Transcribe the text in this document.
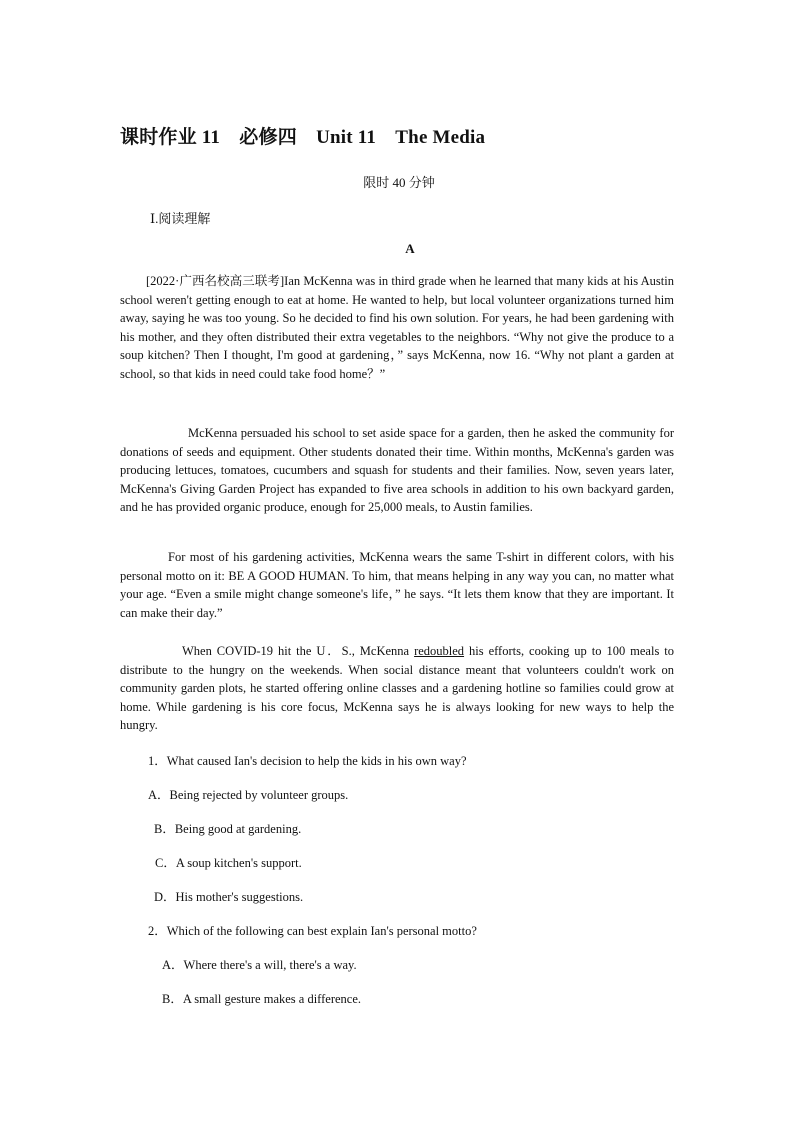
课时作业 11　必修四　Unit 11　The Media
限时 40 分钟
Ⅰ.阅读理解
A

[2022·广西名校高三联考]Ian McKenna was in third grade when he learned that many kids at his Austin school weren't getting enough to eat at home. He wanted to help, but local volunteer organizations turned him away, saying he was too young. So he decided to find his own solution. For years, he had been gardening with his mother, and they often distributed their extra vegetables to the neighbors. “Why not give the produce to a soup kitchen? Then I thought, I'm good at gardening，” says McKenna, now 16. “Why not plant a garden at school, so that kids in need could take food home？”

McKenna persuaded his school to set aside space for a garden, then he asked the community for donations of seeds and equipment. Other students donated their time. Within months, McKenna's garden was producing lettuces, tomatoes, cucumbers and squash for students and their families. Now, seven years later, McKenna's Giving Garden Project has expanded to five area schools in addition to his own backyard garden, and he has provided organic produce, enough for 25,000 meals, to Austin families.

For most of his gardening activities, McKenna wears the same T-shirt in different colors, with his personal motto on it: BE A GOOD HUMAN. To him, that means helping in any way you can, no matter what your age. “Even a smile might change someone's life，” he says. “It lets them know that they are important. It can make their day.”

When COVID-19 hit the U．S., McKenna redoubled his efforts, cooking up to 100 meals to distribute to the hungry on the weekends. When social distance meant that volunteers couldn't work on community garden plots, he started offering online classes and a gardening hotline so families could grow at home. While gardening is his core focus, McKenna says he is always looking for new ways to help the hungry.

1．What caused Ian's decision to help the kids in his own way?

A．Being rejected by volunteer groups.

B．Being good at gardening.

C．A soup kitchen's support.

D．His mother's suggestions.

2．Which of the following can best explain Ian's personal motto?

A．Where there's a will, there's a way.

B．A small gesture makes a difference.
